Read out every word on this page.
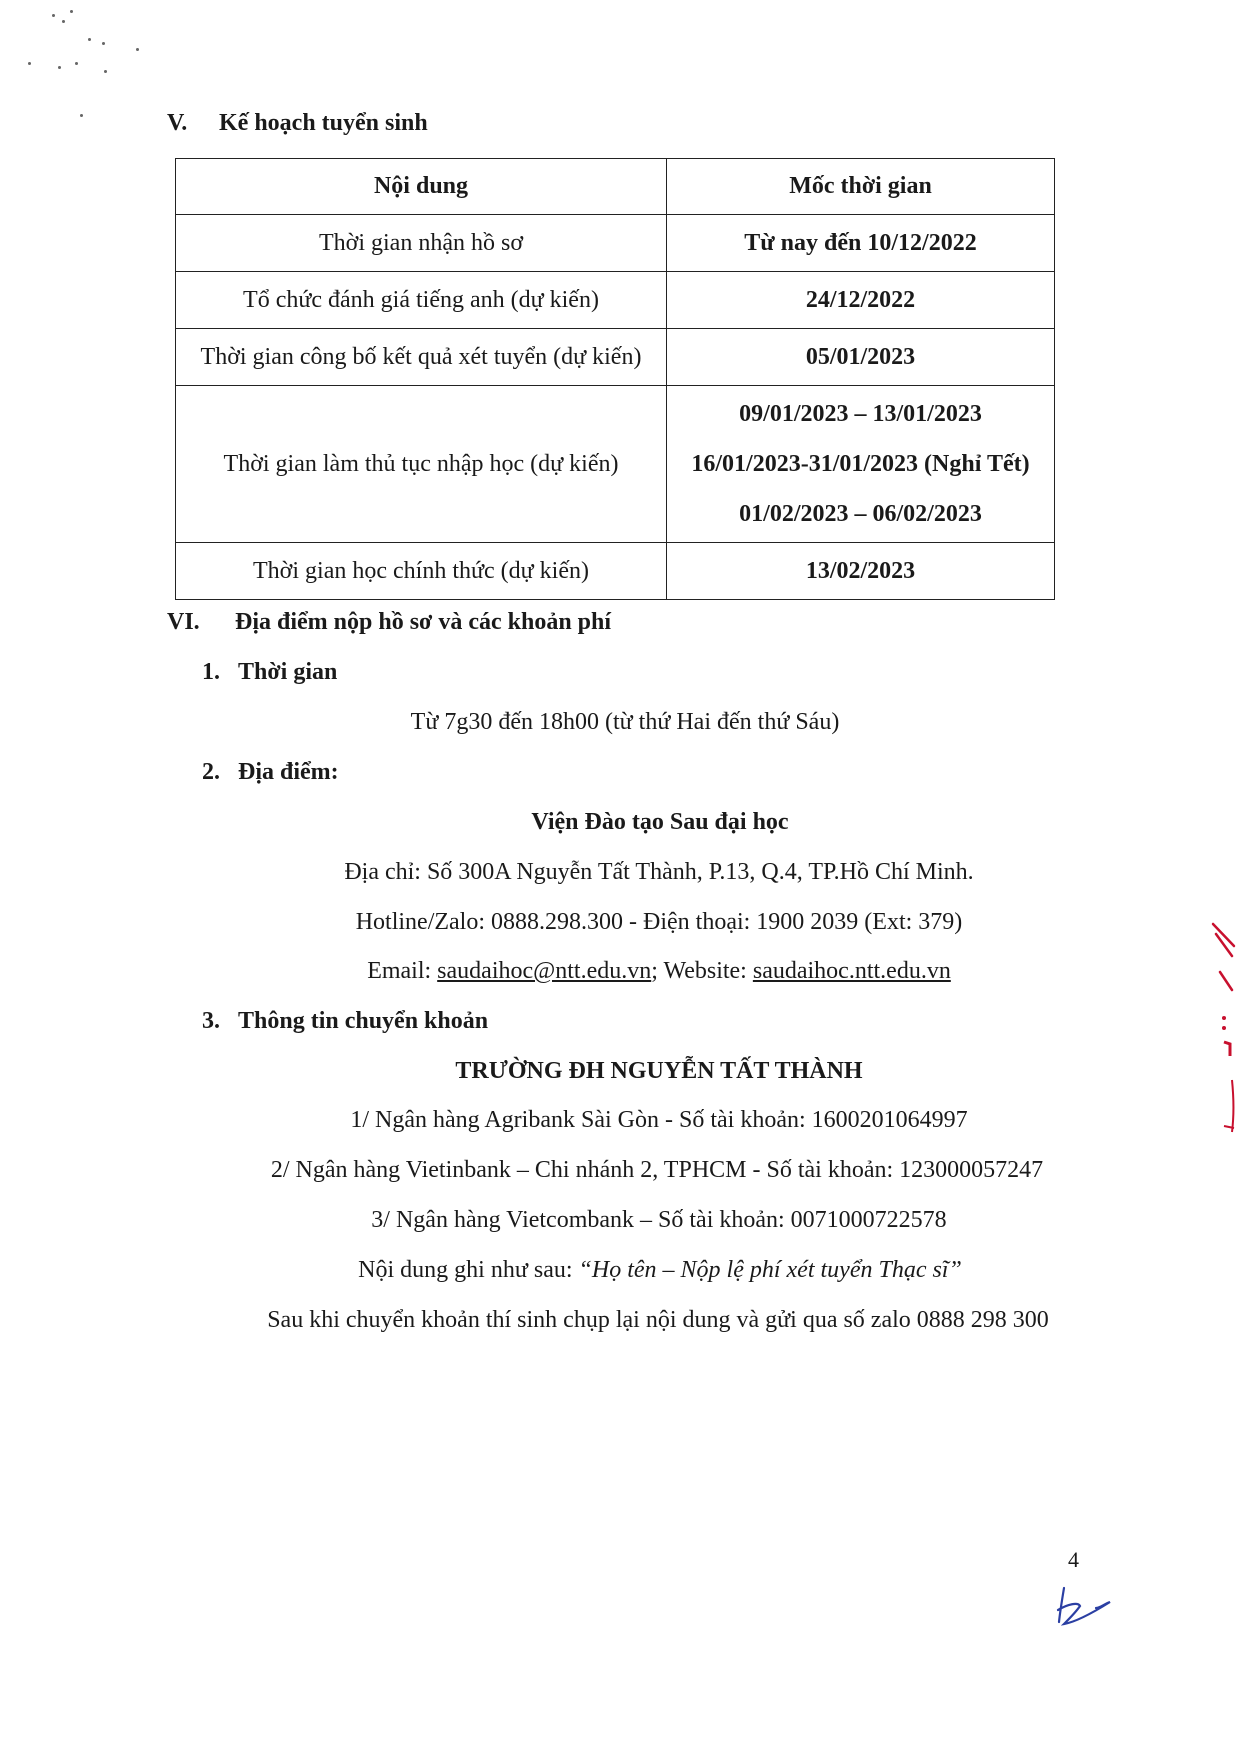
V. Kế hoạch tuyển sinh
Nội dung	Mốc thời gian
Thời gian nhận hồ sơ	Từ nay đến 10/12/2022
Tổ chức đánh giá tiếng anh (dự kiến)	24/12/2022
Thời gian công bố kết quả xét tuyển (dự kiến)	05/01/2023
Thời gian làm thủ tục nhập học (dự kiến)	09/01/2023 – 13/01/2023
16/01/2023-31/01/2023 (Nghỉ Tết)
01/02/2023 – 06/02/2023

Thời gian học chính thức (dự kiến)	13/02/2023
VI. Địa điểm nộp hồ sơ và các khoản phí
1. Thời gian
Từ 7g30 đến 18h00 (từ thứ Hai đến thứ Sáu)
2. Địa điểm:
Viện Đào tạo Sau đại học
Địa chỉ: Số 300A Nguyễn Tất Thành, P.13, Q.4, TP.Hồ Chí Minh.
Hotline/Zalo: 0888.298.300 - Điện thoại: 1900 2039 (Ext: 379)
Email: saudaihoc@ntt.edu.vn; Website: saudaihoc.ntt.edu.vn
3. Thông tin chuyển khoản
TRƯỜNG ĐH NGUYỄN TẤT THÀNH
1/ Ngân hàng Agribank Sài Gòn - Số tài khoản: 1600201064997
2/ Ngân hàng Vietinbank – Chi nhánh 2, TPHCM - Số tài khoản: 123000057247
3/ Ngân hàng Vietcombank – Số tài khoản: 0071000722578
Nội dung ghi như sau: “Họ tên – Nộp lệ phí xét tuyển Thạc sĩ”
Sau khi chuyển khoản thí sinh chụp lại nội dung và gửi qua số zalo 0888 298 300
4
